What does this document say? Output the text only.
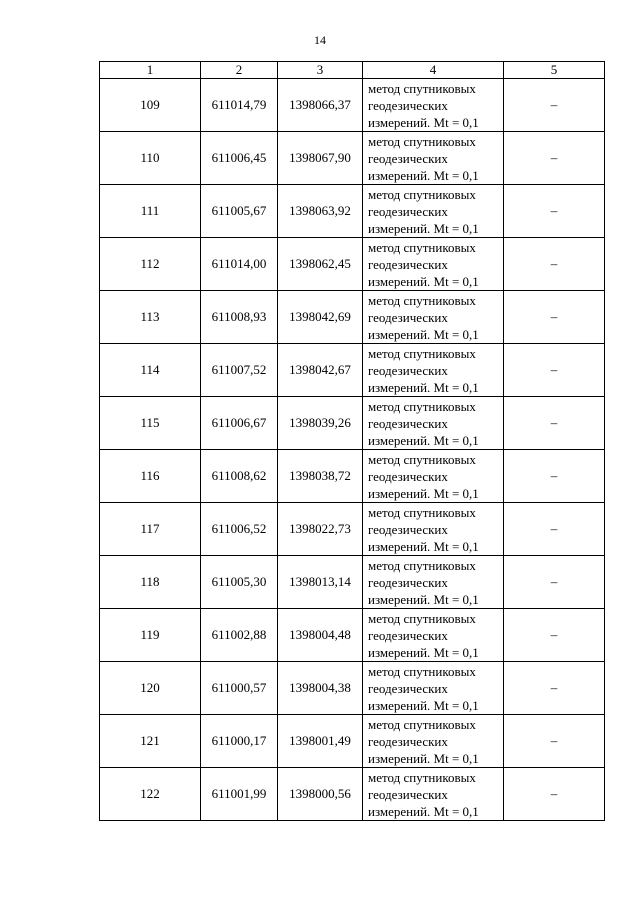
14
1	2	3	4	5
109	611014,79	1398066,37	метод спутниковых
геодезических
измерений. Mt = 0,1	–
110	611006,45	1398067,90	метод спутниковых
геодезических
измерений. Mt = 0,1	–
111	611005,67	1398063,92	метод спутниковых
геодезических
измерений. Mt = 0,1	–
112	611014,00	1398062,45	метод спутниковых
геодезических
измерений. Mt = 0,1	–
113	611008,93	1398042,69	метод спутниковых
геодезических
измерений. Mt = 0,1	–
114	611007,52	1398042,67	метод спутниковых
геодезических
измерений. Mt = 0,1	–
115	611006,67	1398039,26	метод спутниковых
геодезических
измерений. Mt = 0,1	–
116	611008,62	1398038,72	метод спутниковых
геодезических
измерений. Mt = 0,1	–
117	611006,52	1398022,73	метод спутниковых
геодезических
измерений. Mt = 0,1	–
118	611005,30	1398013,14	метод спутниковых
геодезических
измерений. Mt = 0,1	–
119	611002,88	1398004,48	метод спутниковых
геодезических
измерений. Mt = 0,1	–
120	611000,57	1398004,38	метод спутниковых
геодезических
измерений. Mt = 0,1	–
121	611000,17	1398001,49	метод спутниковых
геодезических
измерений. Mt = 0,1	–
122	611001,99	1398000,56	метод спутниковых
геодезических
измерений. Mt = 0,1	–
